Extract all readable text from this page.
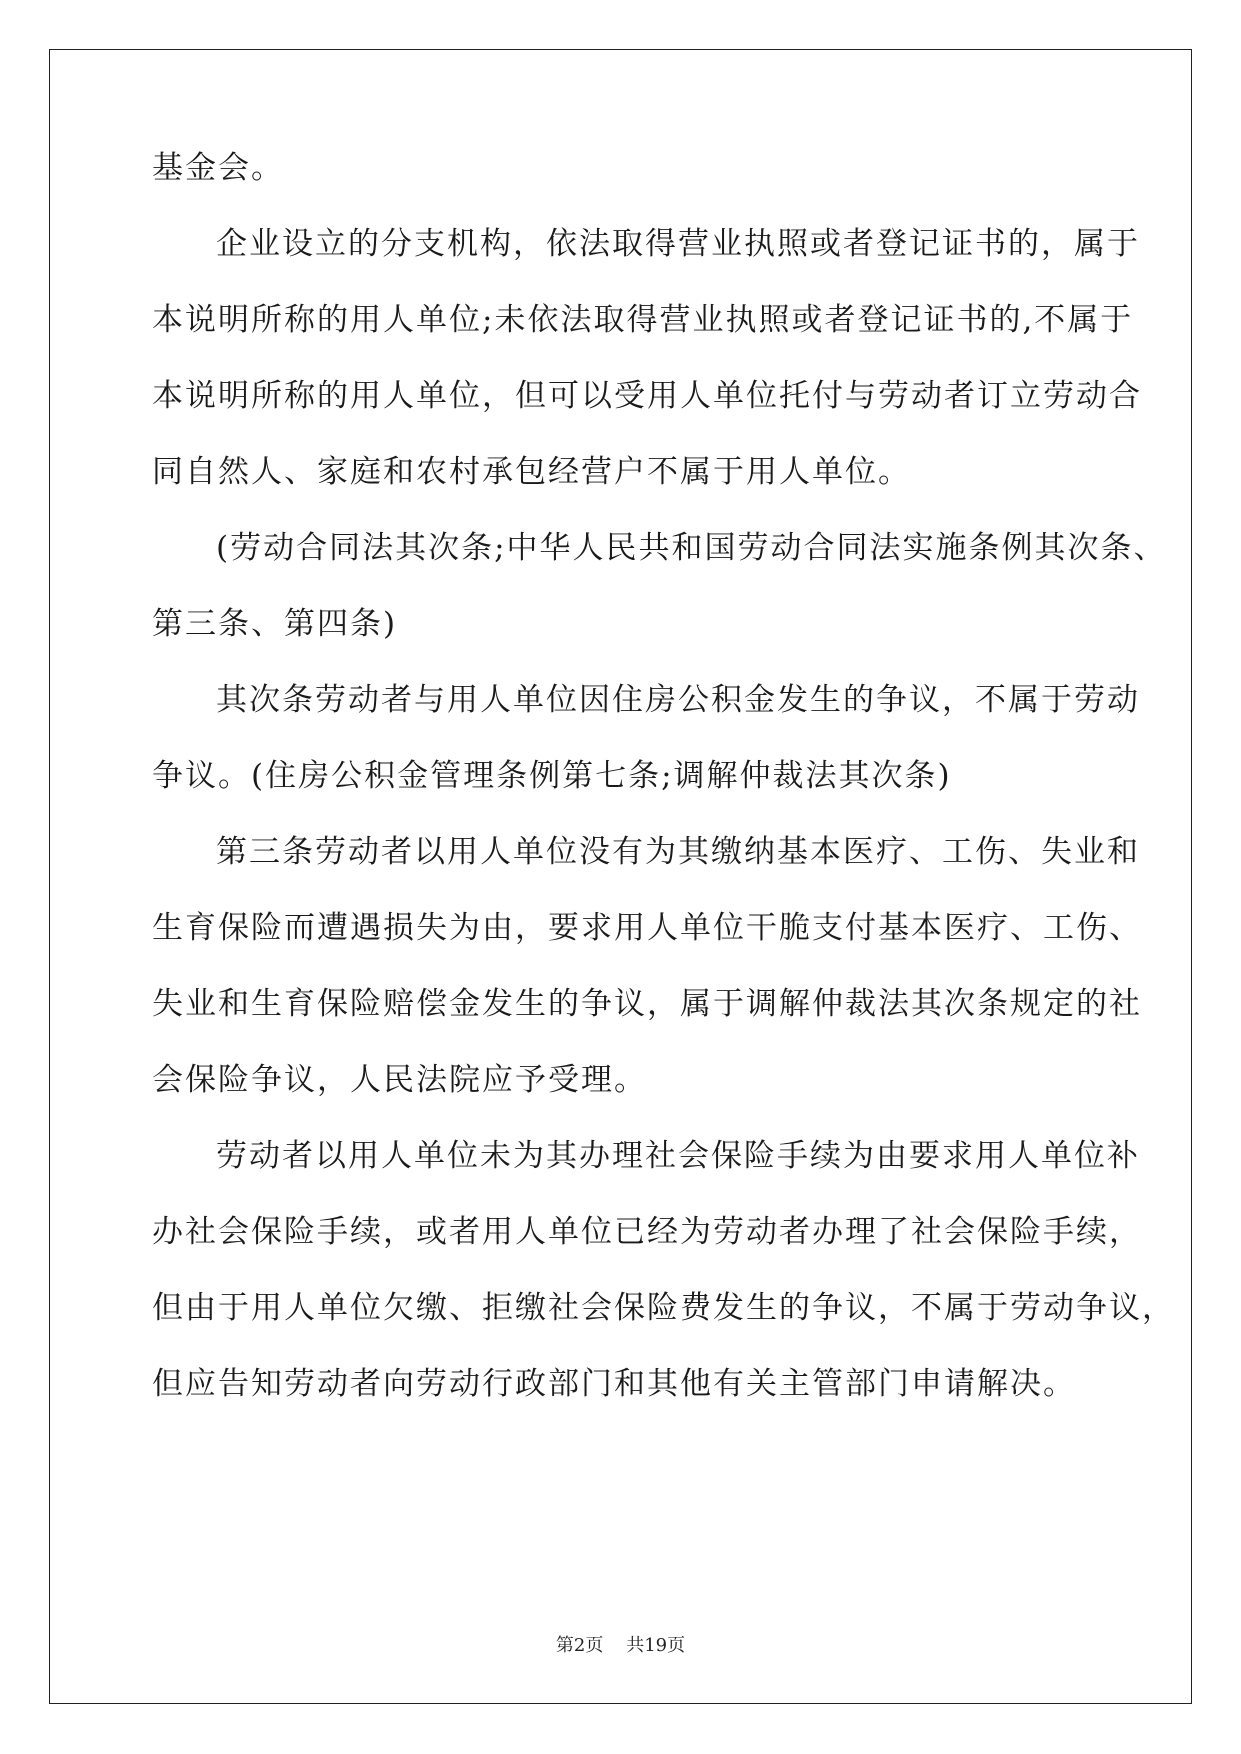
基金会。
企业设立的分支机构，依法取得营业执照或者登记证书的，属于
本说明所称的用人单位;未依法取得营业执照或者登记证书的,不属于
本说明所称的用人单位，但可以受用人单位托付与劳动者订立劳动合
同自然人、家庭和农村承包经营户不属于用人单位。
(劳动合同法其次条;中华人民共和国劳动合同法实施条例其次条、
第三条、第四条)
其次条劳动者与用人单位因住房公积金发生的争议，不属于劳动
争议。(住房公积金管理条例第七条;调解仲裁法其次条)
第三条劳动者以用人单位没有为其缴纳基本医疗、工伤、失业和
生育保险而遭遇损失为由，要求用人单位干脆支付基本医疗、工伤、
失业和生育保险赔偿金发生的争议，属于调解仲裁法其次条规定的社
会保险争议，人民法院应予受理。
劳动者以用人单位未为其办理社会保险手续为由要求用人单位补
办社会保险手续，或者用人单位已经为劳动者办理了社会保险手续，
但由于用人单位欠缴、拒缴社会保险费发生的争议，不属于劳动争议，
但应告知劳动者向劳动行政部门和其他有关主管部门申请解决。
第2页 共19页
